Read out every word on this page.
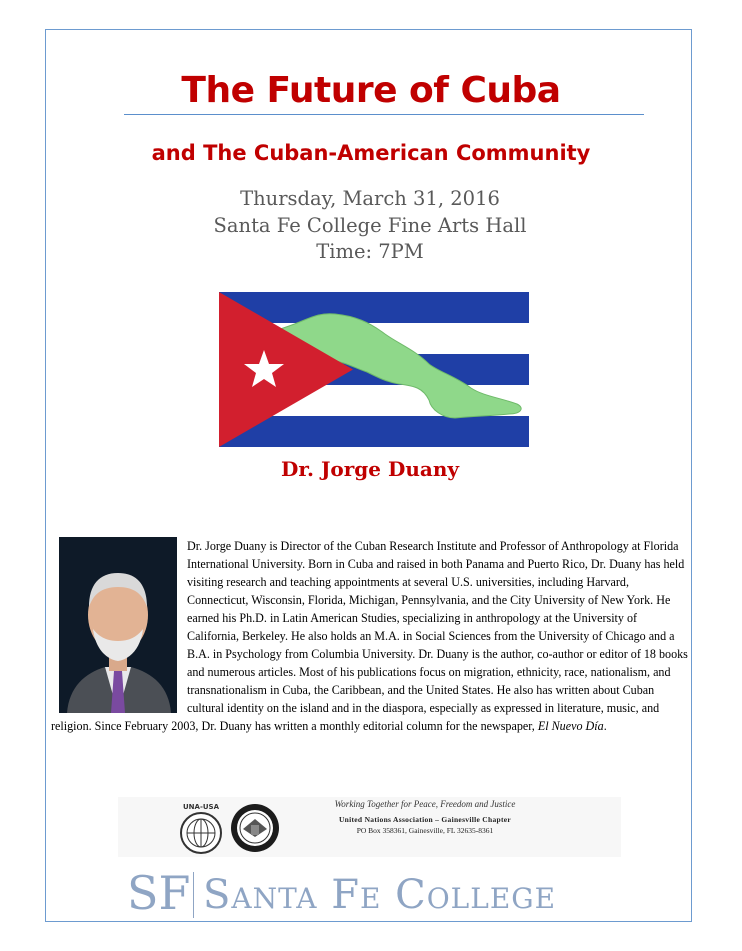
The Future of Cuba
and The Cuban-American Community
Thursday, March 31, 2016
Santa Fe College Fine Arts Hall
Time: 7PM
Dr. Jorge Duany
Dr. Jorge Duany is Director of the Cuban Research Institute and Professor of Anthropology at Florida International University. Born in Cuba and raised in both Panama and Puerto Rico, Dr. Duany has held visiting research and teaching appointments at several U.S. universities, including Harvard, Connecticut, Wisconsin, Florida, Michigan, Pennsylvania, and the City University of New York. He earned his Ph.D. in Latin American Studies, specializing in anthropology at the University of California, Berkeley. He also holds an M.A. in Social Sciences from the University of Chicago and a B.A. in Psychology from Columbia University. Dr. Duany is the author, co-author or editor of 18 books and numerous articles. Most of his publications focus on migration, ethnicity, race, nationalism, and transnationalism in Cuba, the Caribbean, and the United States. He also has written about Cuban cultural identity on the island and in the diaspora, especially as expressed in literature, music, and religion. Since February 2003, Dr. Duany has written a monthly editorial column for the newspaper, El Nuevo Día.
UNA-USA	Working Together for Peace, Freedom and Justice
United Nations Association – Gainesville Chapter
PO Box 358361, Gainesville, FL 32635-8361
SF Santa Fe College
